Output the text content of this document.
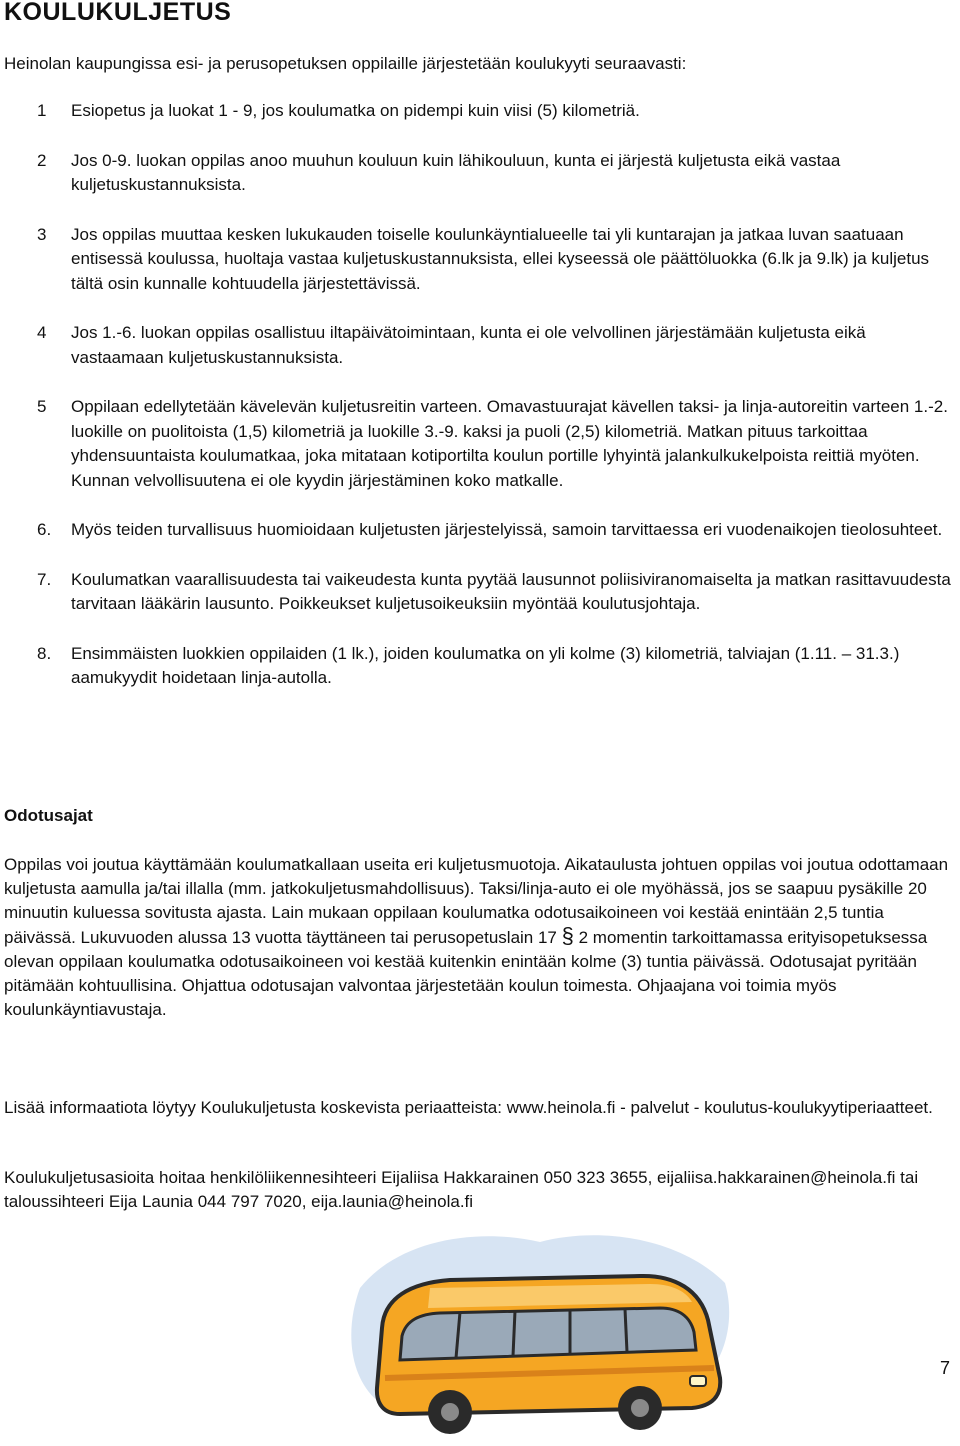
KOULUKULJETUS

Heinolan kaupungissa esi- ja perusopetuksen oppilaille järjestetään koulukyyti seuraavasti:

1	Esiopetus ja luokat 1 - 9, jos koulumatka on pidempi kuin viisi (5) kilometriä.
2	Jos 0-9. luokan oppilas anoo muuhun kouluun kuin lähikouluun, kunta ei järjestä kuljetusta eikä vastaa kuljetuskustannuksista.
3	Jos oppilas muuttaa kesken lukukauden toiselle koulunkäyntialueelle tai yli kuntarajan ja jatkaa luvan saatuaan entisessä koulussa, huoltaja vastaa kuljetuskustannuksista, ellei kyseessä ole päättöluokka (6.lk ja 9.lk) ja kuljetus tältä osin kunnalle kohtuudella järjestettävissä.
4	Jos 1.-6. luokan oppilas osallistuu iltapäivätoimintaan, kunta ei ole velvollinen järjestämään kuljetusta eikä vastaamaan kuljetuskustannuksista.
5	Oppilaan edellytetään kävelevän kuljetusreitin varteen. Omavastuurajat kävellen taksi- ja linja-autoreitin varteen 1.-2. luokille on puolitoista (1,5) kilometriä ja luokille 3.-9. kaksi ja puoli (2,5) kilometriä. Matkan pituus tarkoittaa yhdensuuntaista koulumatkaa, joka mitataan kotiportilta koulun portille lyhyintä jalankulkukelpoista reittiä myöten. Kunnan velvollisuutena ei ole kyydin järjestäminen koko matkalle.
6.	Myös teiden turvallisuus huomioidaan kuljetusten järjestelyissä, samoin tarvittaessa eri vuodenaikojen tieolosuhteet.
7.	Koulumatkan vaarallisuudesta tai vaikeudesta kunta pyytää lausunnot poliisiviranomaiselta ja matkan rasittavuudesta tarvitaan lääkärin lausunto. Poikkeukset kuljetusoikeuksiin myöntää koulutusjohtaja.
8.	Ensimmäisten luokkien oppilaiden (1 lk.), joiden koulumatka on yli kolme (3) kilometriä, talviajan (1.11. – 31.3.) aamukyydit hoidetaan linja-autolla.
Odotusajat

Oppilas voi joutua käyttämään koulumatkallaan useita eri kuljetusmuotoja. Aikataulusta johtuen oppilas voi joutua odottamaan kuljetusta aamulla ja/tai illalla (mm. jatkokuljetusmahdollisuus). Taksi/linja-auto ei ole myöhässä, jos se saapuu pysäkille 20 minuutin kuluessa sovitusta ajasta. Lain mukaan oppilaan koulumatka odotusaikoineen voi kestää enintään 2,5 tuntia päivässä. Lukuvuoden alussa 13 vuotta täyttäneen tai perusopetuslain 17 § 2 momentin tarkoittamassa erityisopetuksessa olevan oppilaan koulumatka odotusaikoineen voi kestää kuitenkin enintään kolme (3) tuntia päivässä. Odotusajat pyritään pitämään kohtuullisina. Ohjattua odotusajan valvontaa järjestetään koulun toimesta. Ohjaajana voi toimia myös koulunkäyntiavustaja.

Lisää informaatiota löytyy Koulukuljetusta koskevista periaatteista: www.heinola.fi - palvelut - koulutus-koulukyytiperiaatteet.

Koulukuljetusasioita hoitaa henkilöliikennesihteeri Eijaliisa Hakkarainen 050 323 3655, eijaliisa.hakkarainen@heinola.fi tai taloussihteeri Eija Launia 044 797 7020, eija.launia@heinola.fi

7
